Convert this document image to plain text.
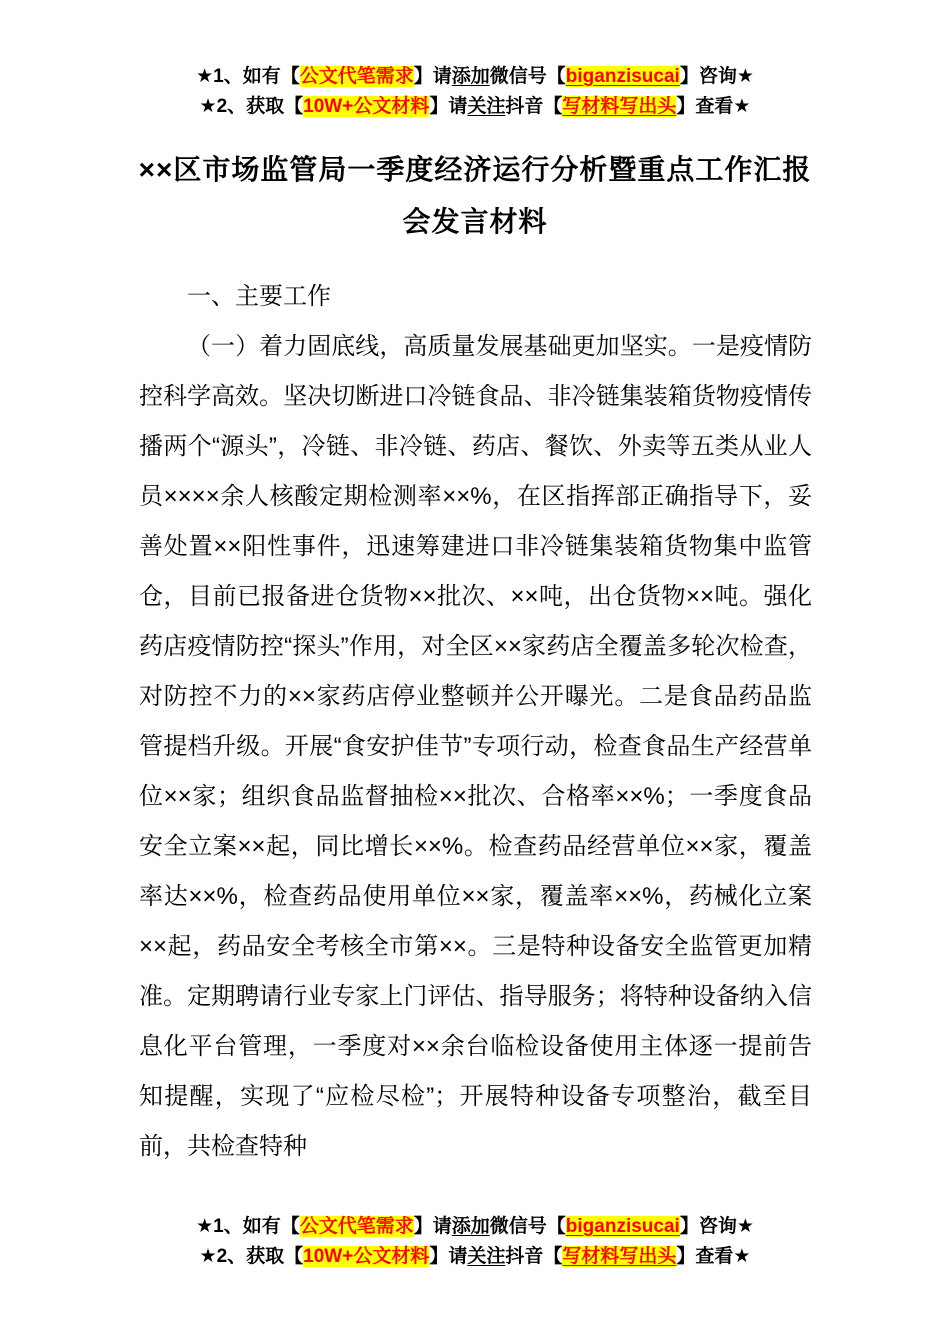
★1、如有【公文代笔需求】请添加微信号【biganzisucai】咨询★
★2、获取【10W+公文材料】请关注抖音【写材料写出头】查看★
××区市场监管局一季度经济运行分析暨重点工作汇报会发言材料

一、主要工作

（一）着力固底线，高质量发展基础更加坚实。一是疫情防控科学高效。坚决切断进口冷链食品、非冷链集装箱货物疫情传播两个“源头”，冷链、非冷链、药店、餐饮、外卖等五类从业人员××××余人核酸定期检测率××%，在区指挥部正确指导下，妥善处置××阳性事件，迅速筹建进口非冷链集装箱货物集中监管仓，目前已报备进仓货物××批次、××吨，出仓货物××吨。强化药店疫情防控“探头”作用，对全区××家药店全覆盖多轮次检查，对防控不力的××家药店停业整顿并公开曝光。二是食品药品监管提档升级。开展“食安护佳节”专项行动，检查食品生产经营单位××家；组织食品监督抽检××批次、合格率××%；一季度食品安全立案××起，同比增长××%。检查药品经营单位××家，覆盖率达××%，检查药品使用单位××家，覆盖率××%，药械化立案××起，药品安全考核全市第××。三是特种设备安全监管更加精准。定期聘请行业专家上门评估、指导服务；将特种设备纳入信息化平台管理，一季度对××余台临检设备使用主体逐一提前告知提醒，实现了“应检尽检”；开展特种设备专项整治，截至目前，共检查特种

★1、如有【公文代笔需求】请添加微信号【biganzisucai】咨询★
★2、获取【10W+公文材料】请关注抖音【写材料写出头】查看★
